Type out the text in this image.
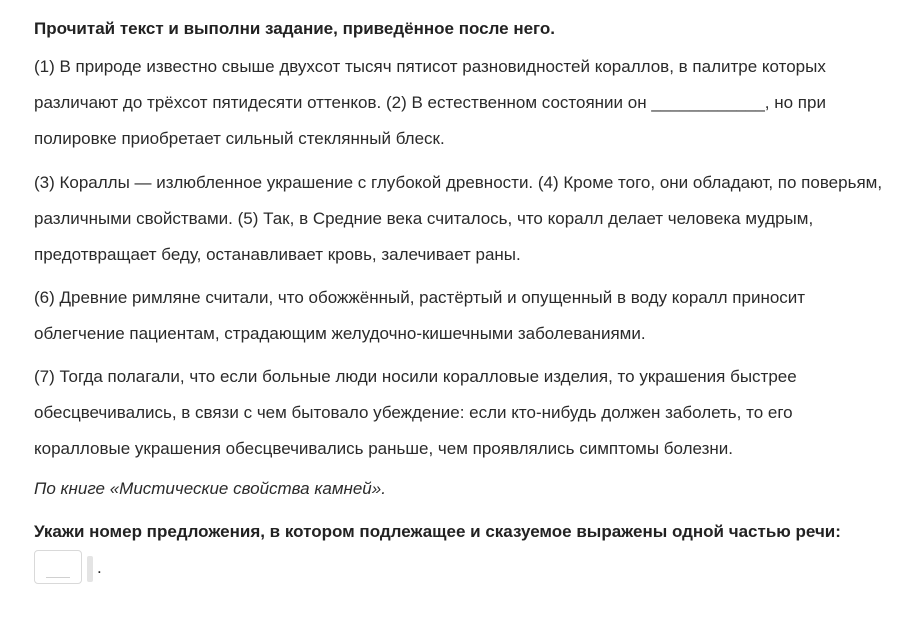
Прочитай текст и выполни задание, приведённое после него.
(1) В природе известно свыше двухсот тысяч пятисот разновидностей кораллов, в палитре которых различают до трёхсот пятидесяти оттенков. (2) В естественном состоянии он ____________, но при полировке приобретает сильный стеклянный блеск.
(3) Кораллы — излюбленное украшение с глубокой древности. (4) Кроме того, они обладают, по поверьям, различными свойствами. (5) Так, в Средние века считалось, что коралл делает человека мудрым, предотвращает беду, останавливает кровь, залечивает раны.
(6) Древние римляне считали, что обожжённый, растёртый и опущенный в воду коралл приносит облегчение пациентам, страдающим желудочно-кишечными заболеваниями.
(7) Тогда полагали, что если больные люди носили коралловые изделия, то украшения быстрее обесцвечивались, в связи с чем бытовало убеждение: если кто-нибудь должен заболеть, то его коралловые украшения обесцвечивались раньше, чем проявлялись симптомы болезни.
По книге «Мистические свойства камней».
Укажи номер предложения, в котором подлежащее и сказуемое выражены одной частью речи:
.
